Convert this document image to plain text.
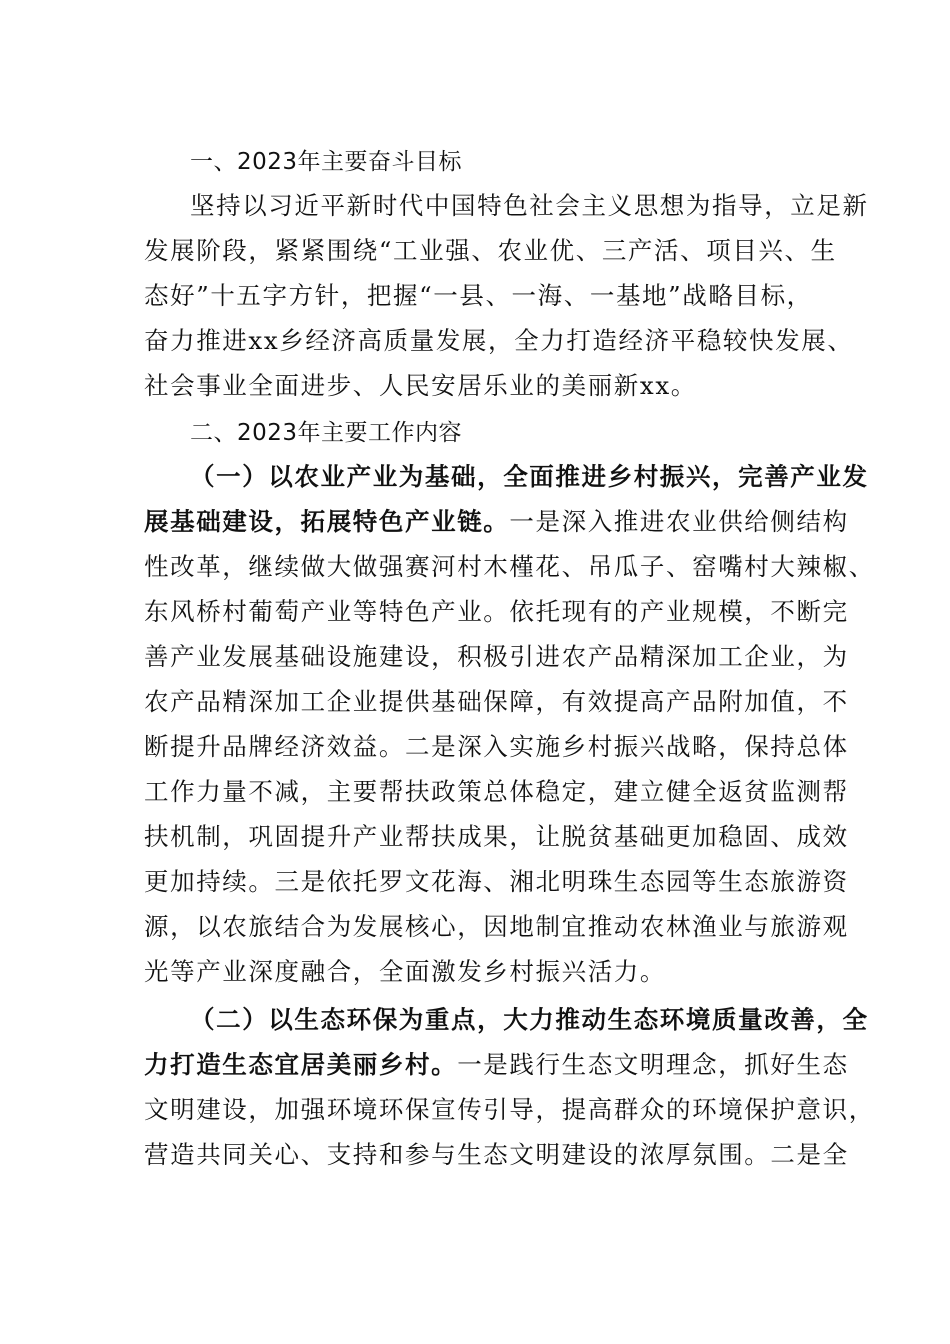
一、2023年主要奋斗目标
坚持以习近平新时代中国特色社会主义思想为指导，立足新
发展阶段，紧紧围绕“工业强、农业优、三产活、项目兴、生
态好”十五字方针，把握“一县、一海、一基地”战略目标，
奋力推进xx乡经济高质量发展，全力打造经济平稳较快发展、
社会事业全面进步、人民安居乐业的美丽新xx。
二、2023年主要工作内容
（一）以农业产业为基础，全面推进乡村振兴，完善产业发
展基础建设，拓展特色产业链。一是深入推进农业供给侧结构
性改革，继续做大做强赛河村木槿花、吊瓜子、窑嘴村大辣椒、
东风桥村葡萄产业等特色产业。依托现有的产业规模，不断完
善产业发展基础设施建设，积极引进农产品精深加工企业，为
农产品精深加工企业提供基础保障，有效提高产品附加值，不
断提升品牌经济效益。二是深入实施乡村振兴战略，保持总体
工作力量不减，主要帮扶政策总体稳定，建立健全返贫监测帮
扶机制，巩固提升产业帮扶成果，让脱贫基础更加稳固、成效
更加持续。三是依托罗文花海、湘北明珠生态园等生态旅游资
源，以农旅结合为发展核心，因地制宜推动农林渔业与旅游观
光等产业深度融合，全面激发乡村振兴活力。
（二）以生态环保为重点，大力推动生态环境质量改善，全
力打造生态宜居美丽乡村。一是践行生态文明理念，抓好生态
文明建设，加强环境环保宣传引导，提高群众的环境保护意识，
营造共同关心、支持和参与生态文明建设的浓厚氛围。二是全
